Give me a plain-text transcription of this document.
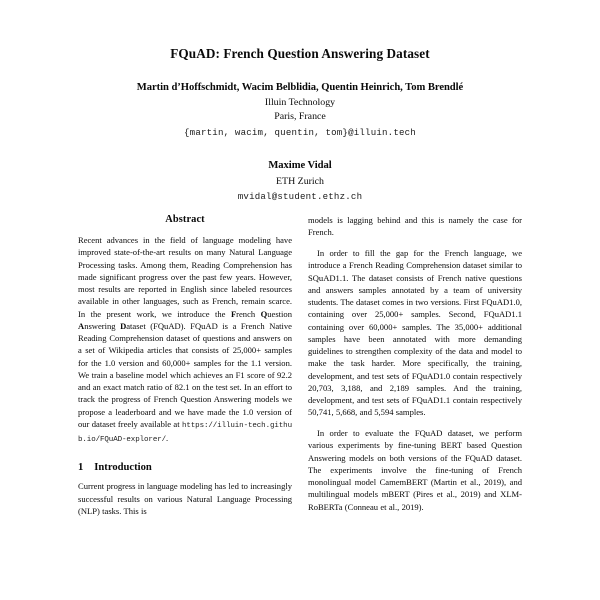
FQuAD: French Question Answering Dataset
Martin d’Hoffschmidt, Wacim Belblidia, Quentin Heinrich, Tom Brendlé
Illuin Technology
Paris, France
{martin, wacim, quentin, tom}@illuin.tech
Maxime Vidal
ETH Zurich
mvidal@student.ethz.ch
Abstract

Recent advances in the field of language modeling have improved state-of-the-art results on many Natural Language Processing tasks. Among them, Reading Comprehension has made significant progress over the past few years. However, most results are reported in English since labeled resources available in other languages, such as French, remain scarce. In the present work, we introduce the French Question Answering Dataset (FQuAD). FQuAD is a French Native Reading Comprehension dataset of questions and answers on a set of Wikipedia articles that consists of 25,000+ samples for the 1.0 version and 60,000+ samples for the 1.1 version. We train a baseline model which achieves an F1 score of 92.2 and an exact match ratio of 82.1 on the test set. In an effort to track the progress of French Question Answering models we propose a leaderboard and we have made the 1.0 version of our dataset freely available at https://illuin-tech.github.io/FQuAD-explorer/.

1 Introduction

Current progress in language modeling has led to increasingly successful results on various Natural Language Processing (NLP) tasks. This is

models is lagging behind and this is namely the case for French.

In order to fill the gap for the French language, we introduce a French Reading Comprehension dataset similar to SQuAD1.1. The dataset consists of French native questions and answers samples annotated by a team of university students. The dataset comes in two versions. First FQuAD1.0, containing over 25,000+ samples. Second, FQuAD1.1 containing over 60,000+ samples. The 35,000+ additional samples have been annotated with more demanding guidelines to strengthen complexity of the data and model to make the task harder. More specifically, the training, development, and test sets of FQuAD1.0 contain respectively 20,703, 3,188, and 2,189 samples. And the training, development, and test sets of FQuAD1.1 contain respectively 50,741, 5,668, and 5,594 samples.

In order to evaluate the FQuAD dataset, we perform various experiments by fine-tuning BERT based Question Answering models on both versions of the FQuAD dataset. The experiments involve the fine-tuning of French monolingual model CamemBERT (Martin et al., 2019), and multilingual models mBERT (Pires et al., 2019) and XLM-RoBERTa (Conneau et al., 2019).
